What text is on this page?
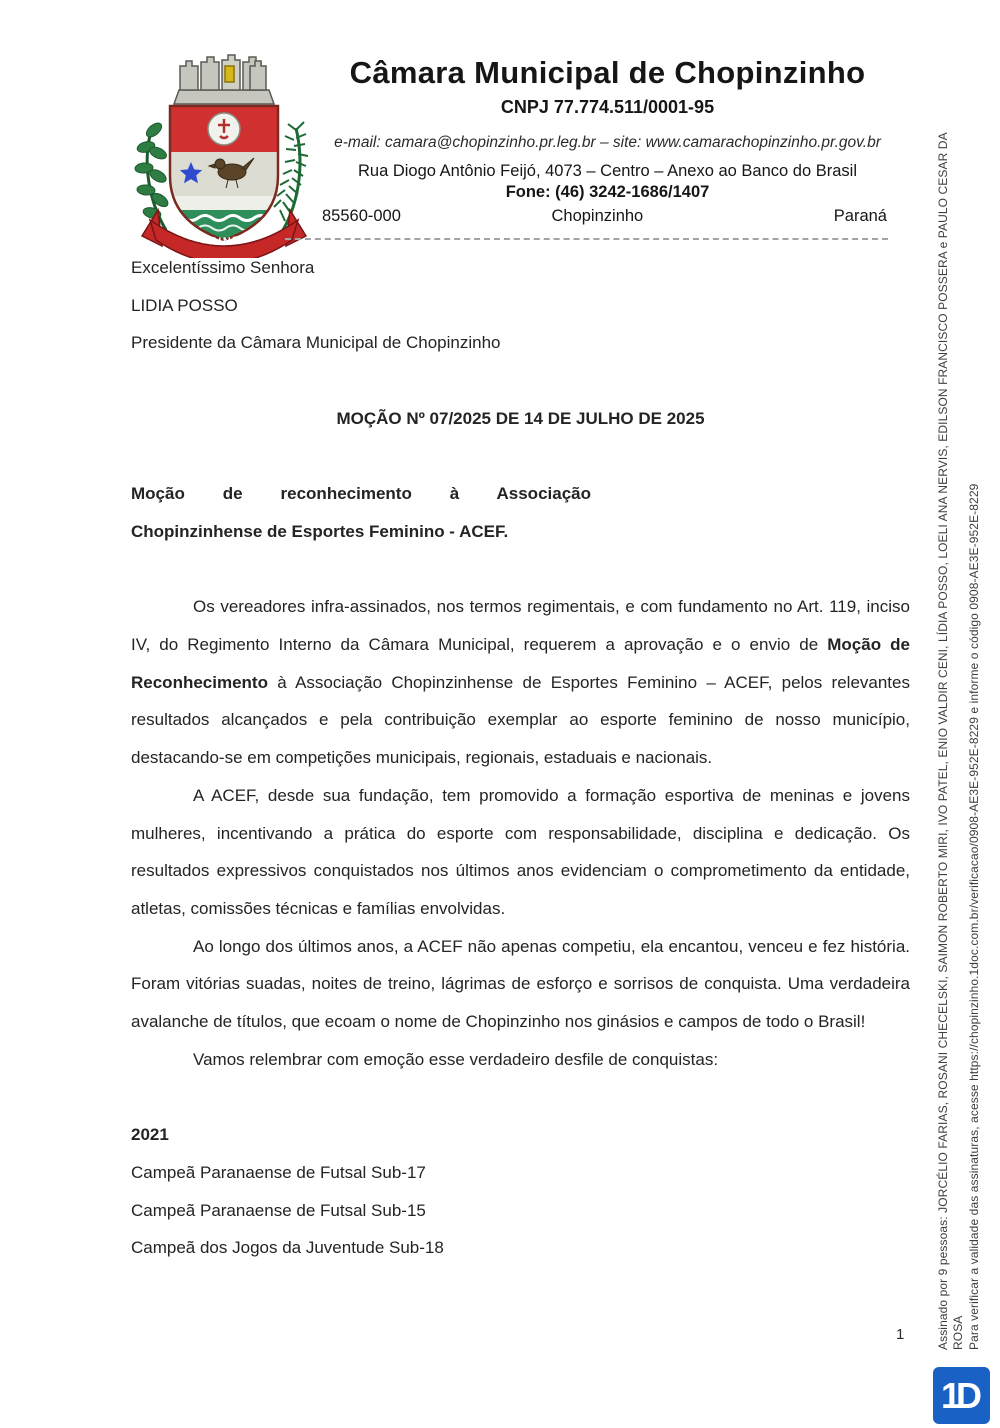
CHOPINZINHO
Câmara Municipal de Chopinzinho
CNPJ 77.774.511/0001-95
e-mail: camara@chopinzinho.pr.leg.br – site: www.camarachopinzinho.pr.gov.br
Rua Diogo Antônio Feijó, 4073 – Centro – Anexo ao Banco do Brasil
Fone: (46) 3242-1686/1407
85560-000	Chopinzinho	Paraná
Excelentíssimo Senhora
LIDIA POSSO
Presidente da Câmara Municipal de Chopinzinho
MOÇÃO Nº 07/2025 DE 14 DE JULHO DE 2025
Moção de reconhecimento à Associação
Chopinzinhense de Esportes Feminino - ACEF.

Os vereadores infra-assinados, nos termos regimentais, e com fundamento no Art. 119, inciso IV, do Regimento Interno da Câmara Municipal, requerem a aprovação e o envio de Moção de Reconhecimento à Associação Chopinzinhense de Esportes Feminino – ACEF, pelos relevantes resultados alcançados e pela contribuição exemplar ao esporte feminino de nosso município, destacando-se em competições municipais, regionais, estaduais e nacionais.

A ACEF, desde sua fundação, tem promovido a formação esportiva de meninas e jovens mulheres, incentivando a prática do esporte com responsabilidade, disciplina e dedicação. Os resultados expressivos conquistados nos últimos anos evidenciam o comprometimento da entidade, atletas, comissões técnicas e famílias envolvidas.

Ao longo dos últimos anos, a ACEF não apenas competiu, ela encantou, venceu e fez história. Foram vitórias suadas, noites de treino, lágrimas de esforço e sorrisos de conquista. Uma verdadeira avalanche de títulos, que ecoam o nome de Chopinzinho nos ginásios e campos de todo o Brasil!

Vamos relembrar com emoção esse verdadeiro desfile de conquistas:

2021
Campeã Paranaense de Futsal Sub-17
Campeã Paranaense de Futsal Sub-15
Campeã dos Jogos da Juventude Sub-18
1	Assinado por 9 pessoas: JORCÉLIO FARIAS, ROSANI CHECELSKI, SAIMON ROBERTO MIRI, IVO PATEL, ENIO VALDIR CENI, LÍDIA POSSO, LOELI ANA NERVIS, EDILSON FRANCISCO POSSERA e PAULO CESAR DA ROSA Para verificar a validade das assinaturas, acesse https://chopinzinho.1doc.com.br/verificacao/0908-AE3E-952E-8229 e informe o código 0908-AE3E-952E-8229
1D
